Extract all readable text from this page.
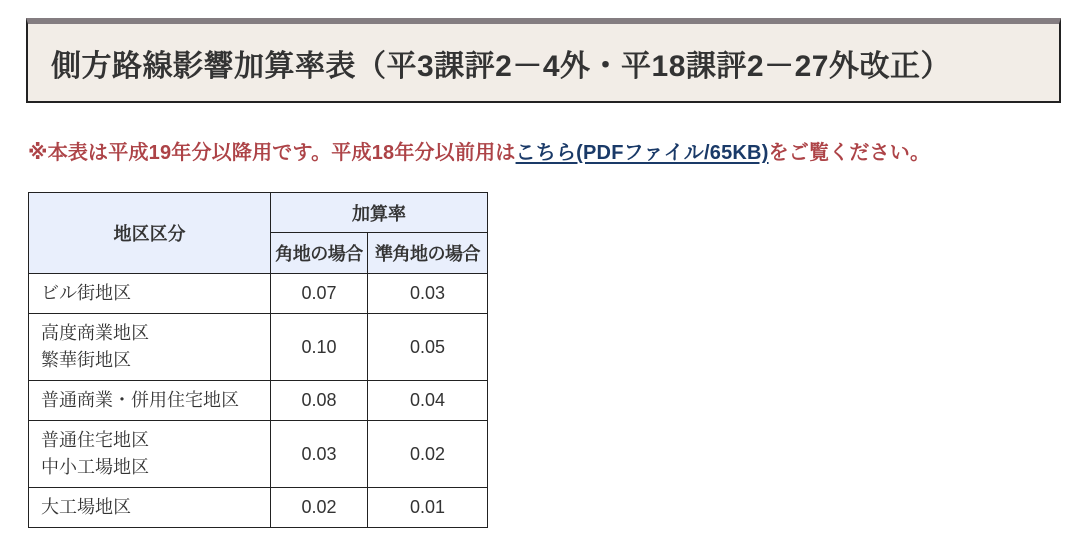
側方路線影響加算率表（平3課評2－4外・平18課評2－27外改正）

※本表は平成19年分以降用です。平成18年分以前用はこちら(PDFファイル/65KB)をご覧ください。

地区区分	加算率	
	角地の場合	準角地の場合
ビル街地区	0.07	0.03
高度商業地区
繁華街地区	0.10	0.05
普通商業・併用住宅地区	0.08	0.04
普通住宅地区
中小工場地区	0.03	0.02
大工場地区	0.02	0.01
